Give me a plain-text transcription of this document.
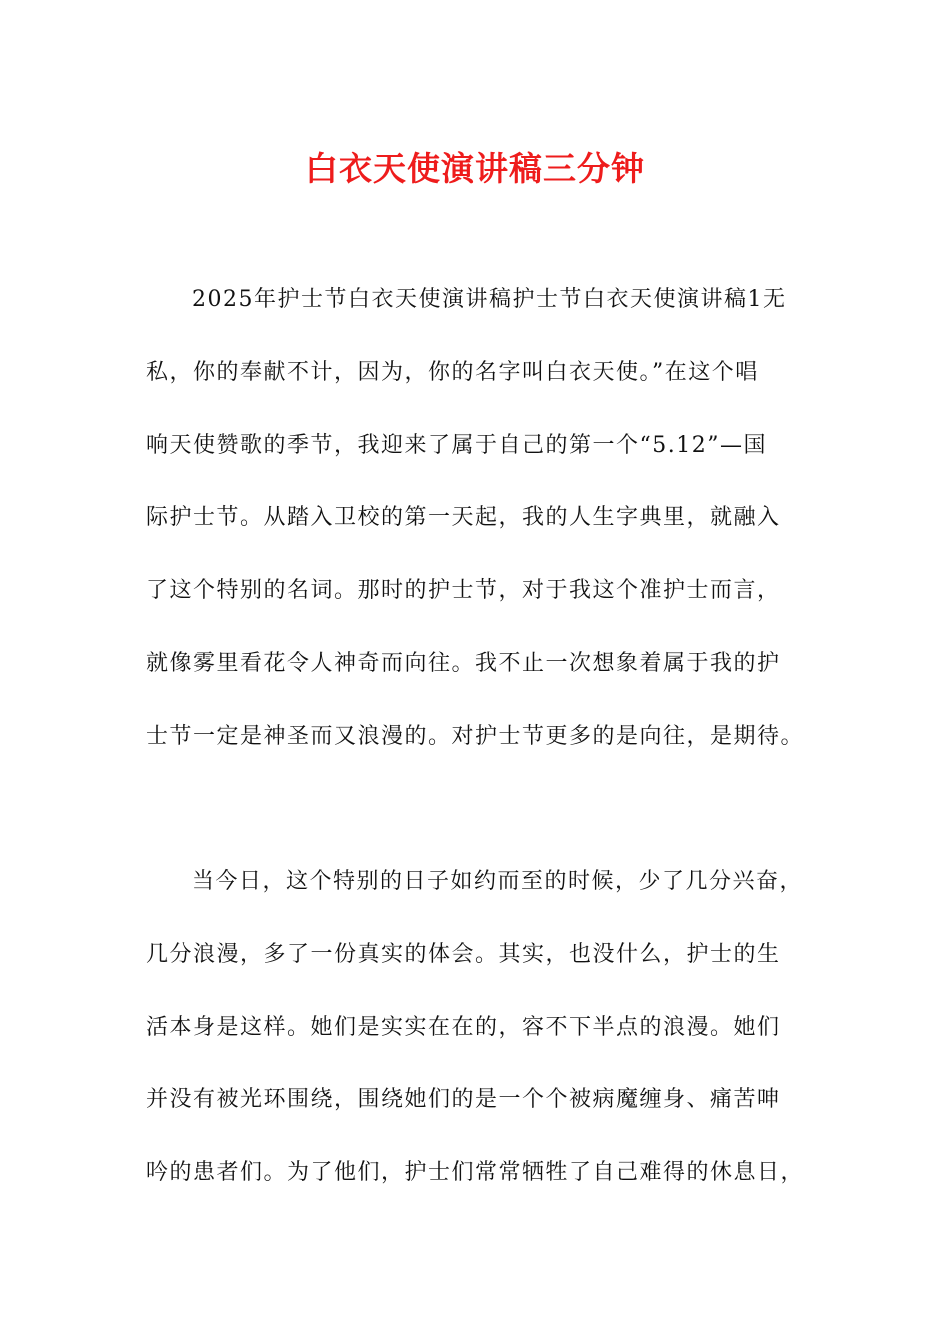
白衣天使演讲稿三分钟
2025年护士节白衣天使演讲稿护士节白衣天使演讲稿1无
私，你的奉献不计，因为，你的名字叫白衣天使。”在这个唱
响天使赞歌的季节，我迎来了属于自己的第一个“5.12”—国
际护士节。从踏入卫校的第一天起，我的人生字典里，就融入
了这个特别的名词。那时的护士节，对于我这个准护士而言，
就像雾里看花令人神奇而向往。我不止一次想象着属于我的护
士节一定是神圣而又浪漫的。对护士节更多的是向往，是期待。
当今日，这个特别的日子如约而至的时候，少了几分兴奋，
几分浪漫，多了一份真实的体会。其实，也没什么，护士的生
活本身是这样。她们是实实在在的，容不下半点的浪漫。她们
并没有被光环围绕，围绕她们的是一个个被病魔缠身、痛苦呻
吟的患者们。为了他们，护士们常常牺牲了自己难得的休息日，
